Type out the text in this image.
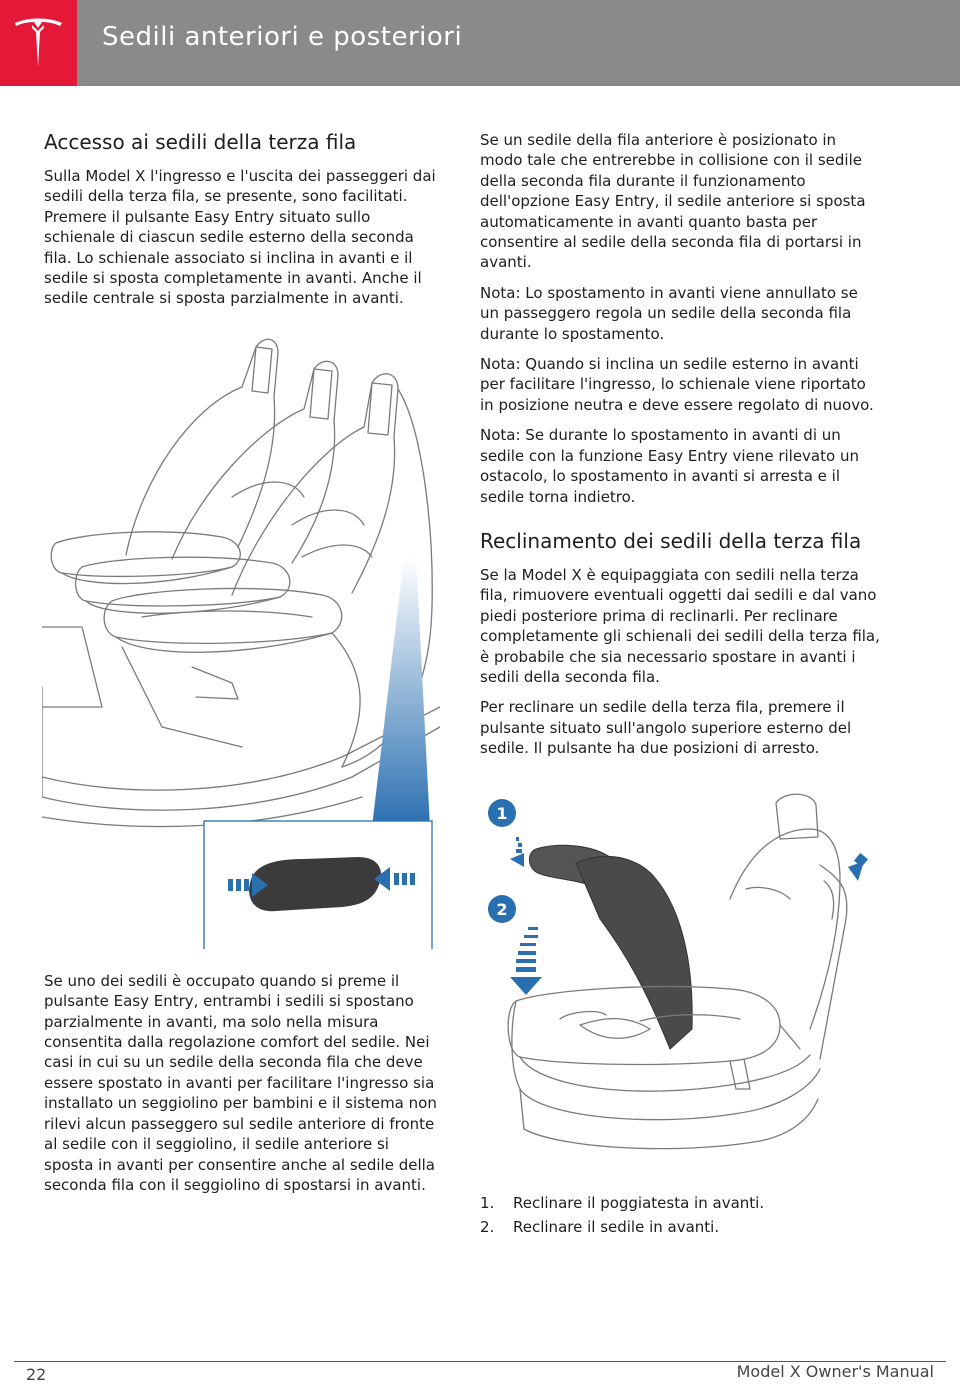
Sedili anteriori e posteriori
Accesso ai sedili della terza fila

Sulla Model X l'ingresso e l'uscita dei passeggeri dai sedili della terza fila, se presente, sono facilitati. Premere il pulsante Easy Entry situato sullo schienale di ciascun sedile esterno della seconda fila. Lo schienale associato si inclina in avanti e il sedile si sposta completamente in avanti. Anche il sedile centrale si sposta parzialmente in avanti.

Se uno dei sedili è occupato quando si preme il pulsante Easy Entry, entrambi i sedili si spostano parzialmente in avanti, ma solo nella misura consentita dalla regolazione comfort del sedile. Nei casi in cui su un sedile della seconda fila che deve essere spostato in avanti per facilitare l'ingresso sia installato un seggiolino per bambini e il sistema non rilevi alcun passeggero sul sedile anteriore di fronte al sedile con il seggiolino, il sedile anteriore si sposta in avanti per consentire anche al sedile della seconda fila con il seggiolino di spostarsi in avanti.

Se un sedile della fila anteriore è posizionato in modo tale che entrerebbe in collisione con il sedile della seconda fila durante il funzionamento dell'opzione Easy Entry, il sedile anteriore si sposta automaticamente in avanti quanto basta per consentire al sedile della seconda fila di portarsi in avanti.

Nota: Lo spostamento in avanti viene annullato se un passeggero regola un sedile della seconda fila durante lo spostamento.

Nota: Quando si inclina un sedile esterno in avanti per facilitare l'ingresso, lo schienale viene riportato in posizione neutra e deve essere regolato di nuovo.

Nota: Se durante lo spostamento in avanti di un sedile con la funzione Easy Entry viene rilevato un ostacolo, lo spostamento in avanti si arresta e il sedile torna indietro.

Reclinamento dei sedili della terza fila

Se la Model X è equipaggiata con sedili nella terza fila, rimuovere eventuali oggetti dai sedili e dal vano piedi posteriore prima di reclinarli. Per reclinare completamente gli schienali dei sedili della terza fila, è probabile che sia necessario spostare in avanti i sedili della seconda fila.

Per reclinare un sedile della terza fila, premere il pulsante situato sull'angolo superiore esterno del sedile. Il pulsante ha due posizioni di arresto.

1
2
1. Reclinare il poggiatesta in avanti.
2. Reclinare il sedile in avanti.
22	Model X Owner's Manual
